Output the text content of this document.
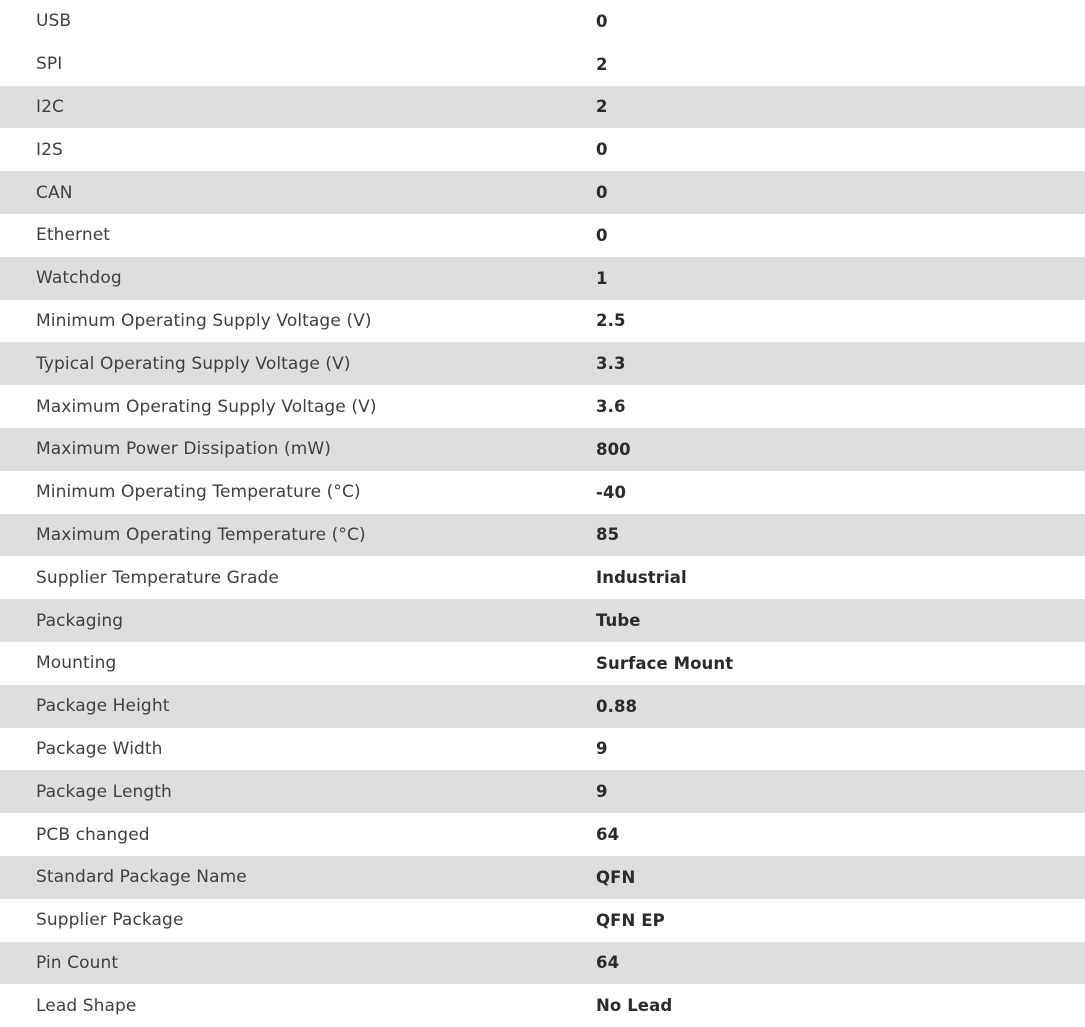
USB	0
SPI	2
I2C	2
I2S	0
CAN	0
Ethernet	0
Watchdog	1
Minimum Operating Supply Voltage (V)	2.5
Typical Operating Supply Voltage (V)	3.3
Maximum Operating Supply Voltage (V)	3.6
Maximum Power Dissipation (mW)	800
Minimum Operating Temperature (°C)	-40
Maximum Operating Temperature (°C)	85
Supplier Temperature Grade	Industrial
Packaging	Tube
Mounting	Surface Mount
Package Height	0.88
Package Width	9
Package Length	9
PCB changed	64
Standard Package Name	QFN
Supplier Package	QFN EP
Pin Count	64
Lead Shape	No Lead
